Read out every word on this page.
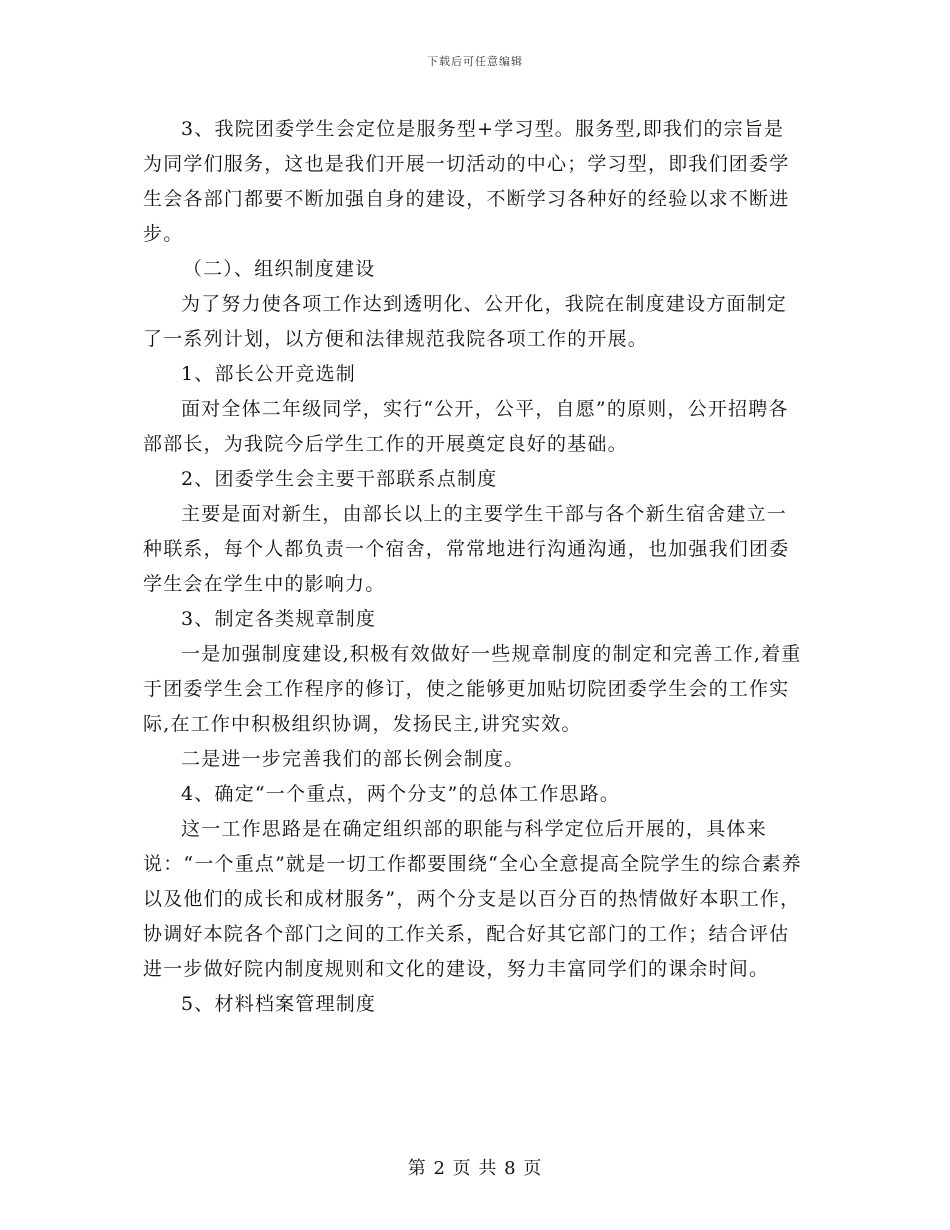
下载后可任意编辑

3、我院团委学生会定位是服务型+学习型。服务型,即我们的宗旨是为同学们服务，这也是我们开展一切活动的中心；学习型，即我们团委学生会各部门都要不断加强自身的建设，不断学习各种好的经验以求不断进步。

（二）、组织制度建设

为了努力使各项工作达到透明化、公开化，我院在制度建设方面制定了一系列计划，以方便和法律规范我院各项工作的开展。

1、部长公开竞选制

面对全体二年级同学，实行“公开，公平，自愿”的原则，公开招聘各部部长，为我院今后学生工作的开展奠定良好的基础。

2、团委学生会主要干部联系点制度

主要是面对新生，由部长以上的主要学生干部与各个新生宿舍建立一种联系，每个人都负责一个宿舍，常常地进行沟通沟通，也加强我们团委学生会在学生中的影响力。

3、制定各类规章制度

一是加强制度建设,积极有效做好一些规章制度的制定和完善工作,着重于团委学生会工作程序的修订，使之能够更加贴切院团委学生会的工作实际,在工作中积极组织协调，发扬民主,讲究实效。

二是进一步完善我们的部长例会制度。

4、确定“一个重点，两个分支”的总体工作思路。

这一工作思路是在确定组织部的职能与科学定位后开展的，具体来说：“一个重点”就是一切工作都要围绕“全心全意提高全院学生的综合素养以及他们的成长和成材服务”，两个分支是以百分百的热情做好本职工作，协调好本院各个部门之间的工作关系，配合好其它部门的工作；结合评估进一步做好院内制度规则和文化的建设，努力丰富同学们的课余时间。

5、材料档案管理制度

第 2 页 共 8 页
